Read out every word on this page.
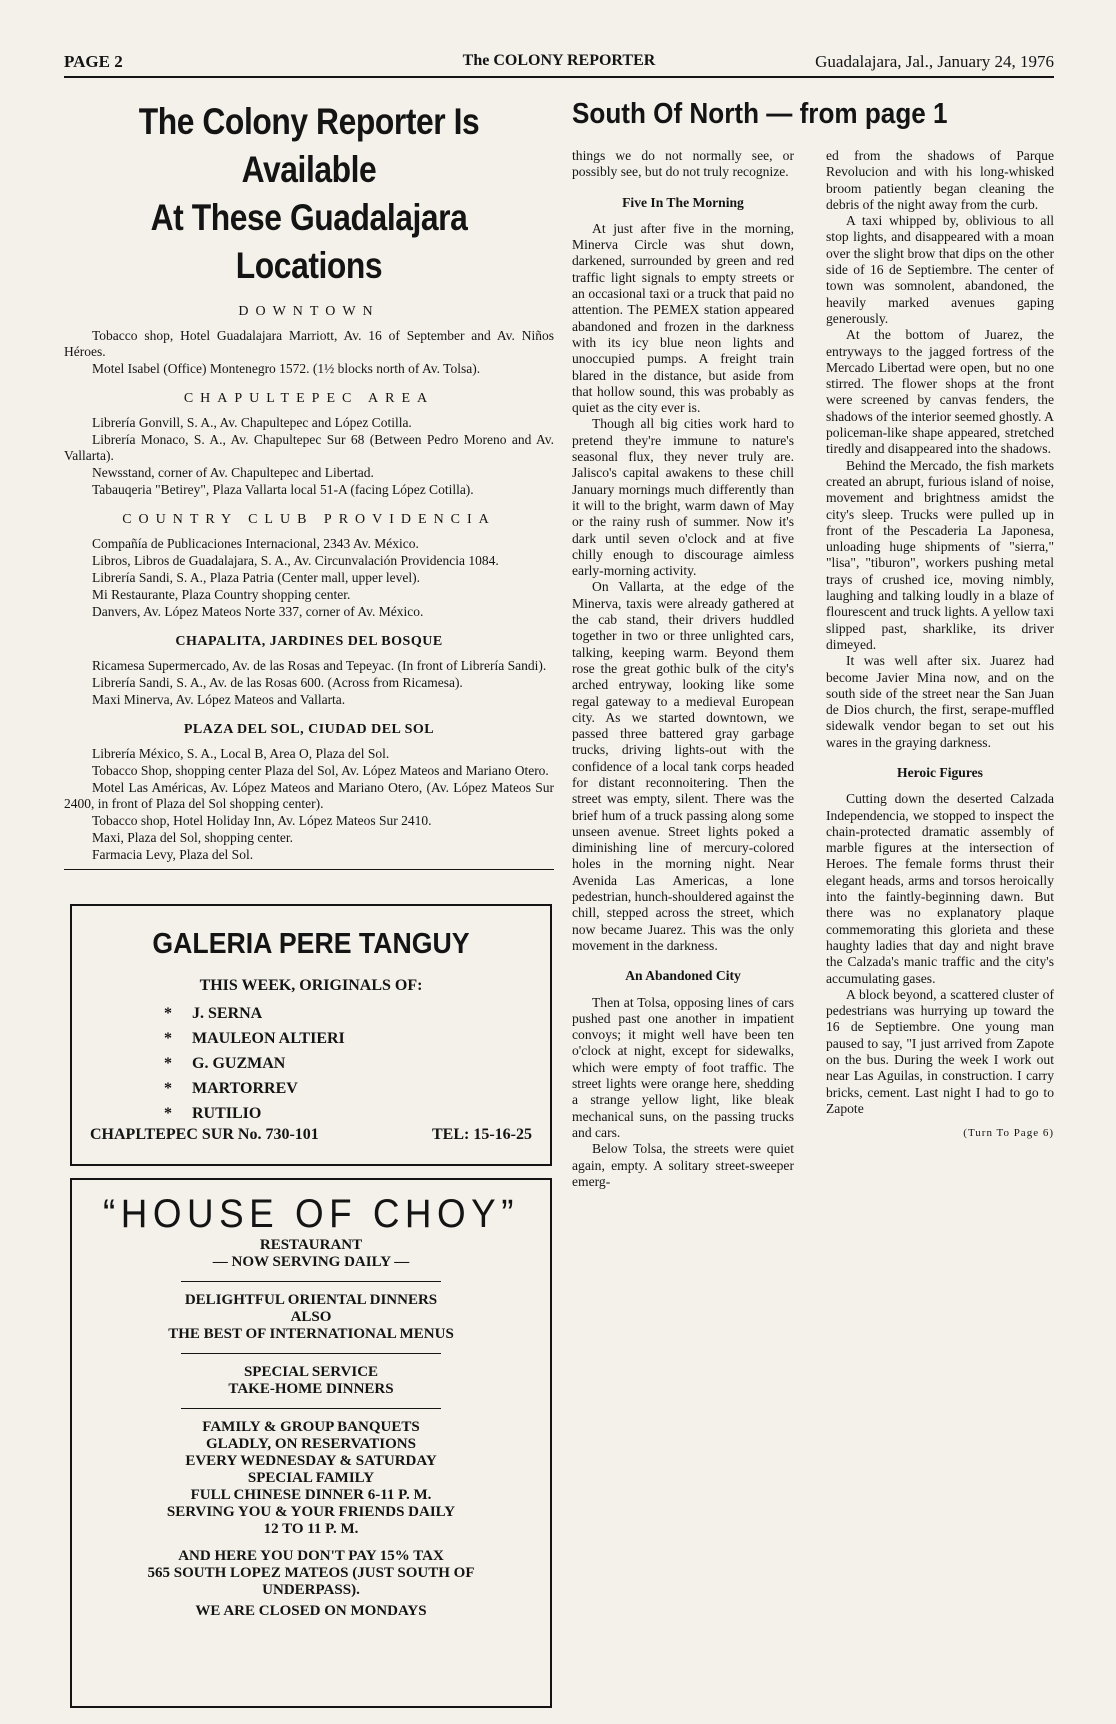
The COLONY REPORTER
PAGE 2	Guadalajara, Jal., January 24, 1976
The Colony Reporter Is Available
At These Guadalajara Locations
DOWNTOWN

Tobacco shop, Hotel Guadalajara Marriott, Av. 16 of September and Av. Niños Héroes.

Motel Isabel (Office) Montenegro 1572. (1½ blocks north of Av. Tolsa).

CHAPULTEPEC AREA

Librería Gonvill, S. A., Av. Chapultepec and López Cotilla.

Librería Monaco, S. A., Av. Chapultepec Sur 68 (Between Pedro Moreno and Av. Vallarta).

Newsstand, corner of Av. Chapultepec and Libertad.

Tabauqeria "Betirey", Plaza Vallarta local 51-A (facing López Cotilla).

COUNTRY CLUB PROVIDENCIA

Compañía de Publicaciones Internacional, 2343 Av. México.

Libros, Libros de Guadalajara, S. A., Av. Circunvalación Providencia 1084.

Librería Sandi, S. A., Plaza Patria (Center mall, upper level).

Mi Restaurante, Plaza Country shopping center.

Danvers, Av. López Mateos Norte 337, corner of Av. México.

CHAPALITA, JARDINES DEL BOSQUE

Ricamesa Supermercado, Av. de las Rosas and Tepeyac. (In front of Librería Sandi).

Librería Sandi, S. A., Av. de las Rosas 600. (Across from Ricamesa).

Maxi Minerva, Av. López Mateos and Vallarta.

PLAZA DEL SOL, CIUDAD DEL SOL

Librería México, S. A., Local B, Area O, Plaza del Sol.

Tobacco Shop, shopping center Plaza del Sol, Av. López Mateos and Mariano Otero.

Motel Las Américas, Av. López Mateos and Mariano Otero, (Av. López Mateos Sur 2400, in front of Plaza del Sol shopping center).

Tobacco shop, Hotel Holiday Inn, Av. López Mateos Sur 2410.

Maxi, Plaza del Sol, shopping center.

Farmacia Levy, Plaza del Sol.

GALERIA PERE TANGUY
THIS WEEK, ORIGINALS OF:
* J. SERNA
* MAULEON ALTIERI
* G. GUZMAN
* MARTORREV
* RUTILIO
CHAPLTEPEC SUR No. 730-101	TEL: 15-16-25
“HOUSE OF CHOY”
RESTAURANT
— NOW SERVING DAILY —
DELIGHTFUL ORIENTAL DINNERS
ALSO
THE BEST OF INTERNATIONAL MENUS
SPECIAL SERVICE
TAKE-HOME DINNERS
FAMILY & GROUP BANQUETS
GLADLY, ON RESERVATIONS
EVERY WEDNESDAY & SATURDAY
SPECIAL FAMILY
FULL CHINESE DINNER 6-11 P. M.
SERVING YOU & YOUR FRIENDS DAILY
12 TO 11 P. M.
AND HERE YOU DON'T PAY 15% TAX
565 SOUTH LOPEZ MATEOS (JUST SOUTH OF
UNDERPASS).
WE ARE CLOSED ON MONDAYS
South Of North — from page 1

things we do not normally see, or possibly see, but do not truly recognize.

Five In The Morning

At just after five in the morning, Minerva Circle was shut down, darkened, surrounded by green and red traffic light signals to empty streets or an occasional taxi or a truck that paid no attention. The PEMEX station appeared abandoned and frozen in the darkness with its icy blue neon lights and unoccupied pumps. A freight train blared in the distance, but aside from that hollow sound, this was probably as quiet as the city ever is.

Though all big cities work hard to pretend they're immune to nature's seasonal flux, they never truly are. Jalisco's capital awakens to these chill January mornings much differently than it will to the bright, warm dawn of May or the rainy rush of summer. Now it's dark until seven o'clock and at five chilly enough to discourage aimless early-morning activity.

On Vallarta, at the edge of the Minerva, taxis were already gathered at the cab stand, their drivers huddled together in two or three unlighted cars, talking, keeping warm. Beyond them rose the great gothic bulk of the city's arched entryway, looking like some regal gateway to a medieval European city. As we started downtown, we passed three battered gray garbage trucks, driving lights-out with the confidence of a local tank corps headed for distant reconnoitering. Then the street was empty, silent. There was the brief hum of a truck passing along some unseen avenue. Street lights poked a diminishing line of mercury-colored holes in the morning night. Near Avenida Las Americas, a lone pedestrian, hunch-shouldered against the chill, stepped across the street, which now became Juarez. This was the only movement in the darkness.

An Abandoned City

Then at Tolsa, opposing lines of cars pushed past one another in impatient convoys; it might well have been ten o'clock at night, except for sidewalks, which were empty of foot traffic. The street lights were orange here, shedding a strange yellow light, like bleak mechanical suns, on the passing trucks and cars.

Below Tolsa, the streets were quiet again, empty. A solitary street-sweeper emerg-

ed from the shadows of Parque Revolucion and with his long-whisked broom patiently began cleaning the debris of the night away from the curb.

A taxi whipped by, oblivious to all stop lights, and disappeared with a moan over the slight brow that dips on the other side of 16 de Septiembre. The center of town was somnolent, abandoned, the heavily marked avenues gaping generously.

At the bottom of Juarez, the entryways to the jagged fortress of the Mercado Libertad were open, but no one stirred. The flower shops at the front were screened by canvas fenders, the shadows of the interior seemed ghostly. A policeman-like shape appeared, stretched tiredly and disappeared into the shadows.

Behind the Mercado, the fish markets created an abrupt, furious island of noise, movement and brightness amidst the city's sleep. Trucks were pulled up in front of the Pescaderia La Japonesa, unloading huge shipments of "sierra," "lisa", "tiburon", workers pushing metal trays of crushed ice, moving nimbly, laughing and talking loudly in a blaze of flourescent and truck lights. A yellow taxi slipped past, sharklike, its driver dimeyed.

It was well after six. Juarez had become Javier Mina now, and on the south side of the street near the San Juan de Dios church, the first, serape-muffled sidewalk vendor began to set out his wares in the graying darkness.

Heroic Figures

Cutting down the deserted Calzada Independencia, we stopped to inspect the chain-protected dramatic assembly of marble figures at the intersection of Heroes. The female forms thrust their elegant heads, arms and torsos heroically into the faintly-beginning dawn. But there was no explanatory plaque commemorating this glorieta and these haughty ladies that day and night brave the Calzada's manic traffic and the city's accumulating gases.

A block beyond, a scattered cluster of pedestrians was hurrying up toward the 16 de Septiembre. One young man paused to say, "I just arrived from Zapote on the bus. During the week I work out near Las Aguilas, in construction. I carry bricks, cement. Last night I had to go to Zapote

(Turn To Page 6)
